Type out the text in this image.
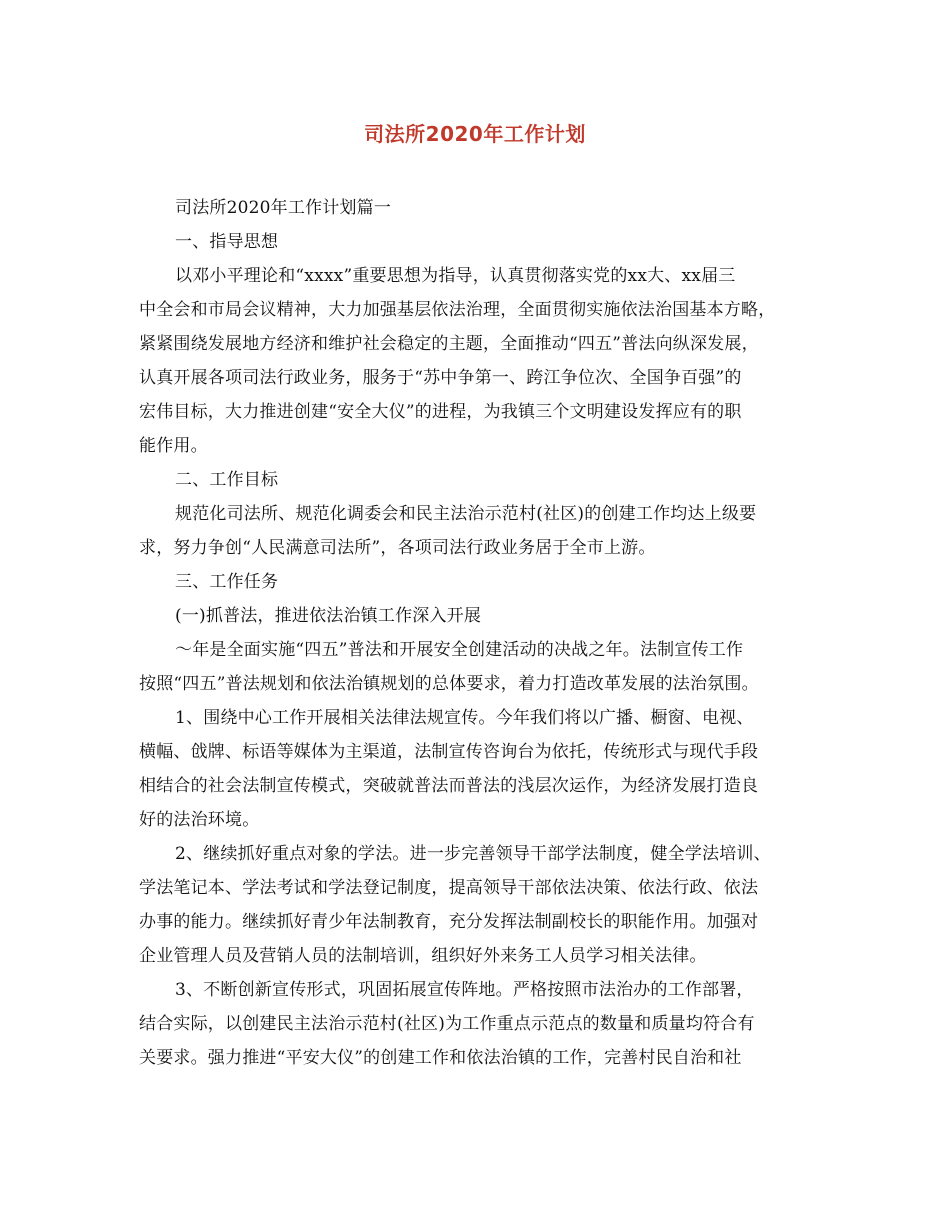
司法所2020年工作计划
司法所2020年工作计划篇一
一、指导思想
以邓小平理论和“xxxx”重要思想为指导，认真贯彻落实党的xx大、xx届三
中全会和市局会议精神，大力加强基层依法治理，全面贯彻实施依法治国基本方略，
紧紧围绕发展地方经济和维护社会稳定的主题，全面推动“四五”普法向纵深发展，
认真开展各项司法行政业务，服务于“苏中争第一、跨江争位次、全国争百强”的
宏伟目标，大力推进创建“安全大仪”的进程，为我镇三个文明建设发挥应有的职
能作用。
二、工作目标
规范化司法所、规范化调委会和民主法治示范村(社区)的创建工作均达上级要
求，努力争创“人民满意司法所”，各项司法行政业务居于全市上游。
三、工作任务
(一)抓普法，推进依法治镇工作深入开展
～年是全面实施“四五”普法和开展安全创建活动的决战之年。法制宣传工作
按照“四五”普法规划和依法治镇规划的总体要求，着力打造改革发展的法治氛围。
1、围绕中心工作开展相关法律法规宣传。今年我们将以广播、橱窗、电视、
横幅、戗牌、标语等媒体为主渠道，法制宣传咨询台为依托，传统形式与现代手段
相结合的社会法制宣传模式，突破就普法而普法的浅层次运作，为经济发展打造良
好的法治环境。
2、继续抓好重点对象的学法。进一步完善领导干部学法制度，健全学法培训、
学法笔记本、学法考试和学法登记制度，提高领导干部依法决策、依法行政、依法
办事的能力。继续抓好青少年法制教育，充分发挥法制副校长的职能作用。加强对
企业管理人员及营销人员的法制培训，组织好外来务工人员学习相关法律。
3、不断创新宣传形式，巩固拓展宣传阵地。严格按照市法治办的工作部署，
结合实际，以创建民主法治示范村(社区)为工作重点示范点的数量和质量均符合有
关要求。强力推进“平安大仪”的创建工作和依法治镇的工作，完善村民自治和社
